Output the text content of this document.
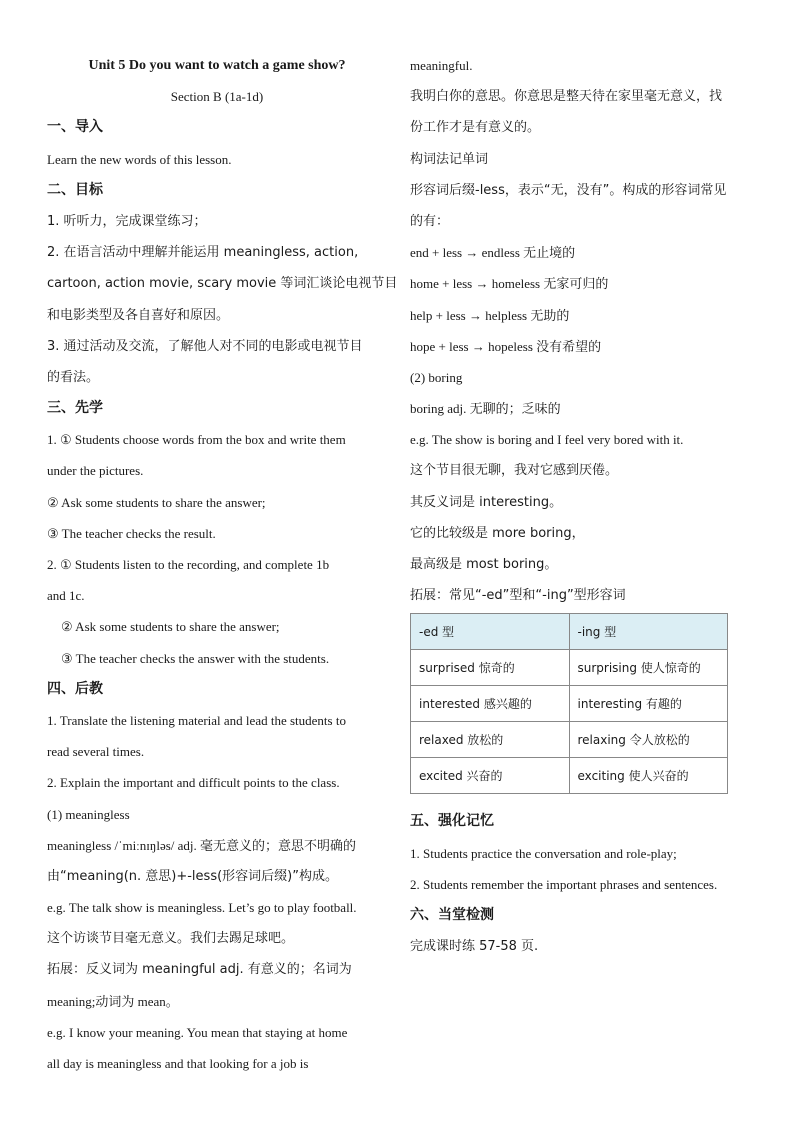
Unit 5 Do you want to watch a game show?
Section B (1a-1d)
一、导入
Learn the new words of this lesson.
二、目标
1. 听听力，完成课堂练习；
2. 在语言活动中理解并能运用 meaningless, action,
cartoon, action movie, scary movie 等词汇谈论电视节目
和电影类型及各自喜好和原因。
3. 通过活动及交流，了解他人对不同的电影或电视节目
的看法。
三、先学
1. ① Students choose words from the box and write them
under the pictures.
② Ask some students to share the answer;
③ The teacher checks the result.
2. ① Students listen to the recording, and complete 1b
and 1c.
② Ask some students to share the answer;
③ The teacher checks the answer with the students.
四、后教
1. Translate the listening material and lead the students to
read several times.
2. Explain the important and difficult points to the class.
(1) meaningless
meaningless /ˈmiːnɪŋləs/ adj. 毫无意义的；意思不明确的
由“meaning(n. 意思)+-less(形容词后缀)”构成。
e.g. The talk show is meaningless. Let’s go to play football.
这个访谈节目毫无意义。我们去踢足球吧。
拓展：反义词为 meaningful adj. 有意义的；名词为
meaning;动词为 mean。
e.g. I know your meaning. You mean that staying at home
all day is meaningless and that looking for a job is
meaningful.
我明白你的意思。你意思是整天待在家里毫无意义，找
份工作才是有意义的。
构词法记单词
形容词后缀-less，表示“无，没有”。构成的形容词常见
的有：
end + less → endless 无止境的
home + less → homeless 无家可归的
help + less → helpless 无助的
hope + less → hopeless 没有希望的
(2) boring
boring adj. 无聊的；乏味的
e.g. The show is boring and I feel very bored with it.
这个节目很无聊，我对它感到厌倦。
其反义词是 interesting。
它的比较级是 more boring，
最高级是 most boring。
拓展：常见“-ed”型和“-ing”型形容词
-ed 型	-ing 型
surprised 惊奇的	surprising 使人惊奇的
interested 感兴趣的	interesting 有趣的
relaxed 放松的	relaxing 令人放松的
excited 兴奋的	exciting 使人兴奋的
五、强化记忆
1. Students practice the conversation and role-play;
2. Students remember the important phrases and sentences.
六、当堂检测
完成课时练 57-58 页.
